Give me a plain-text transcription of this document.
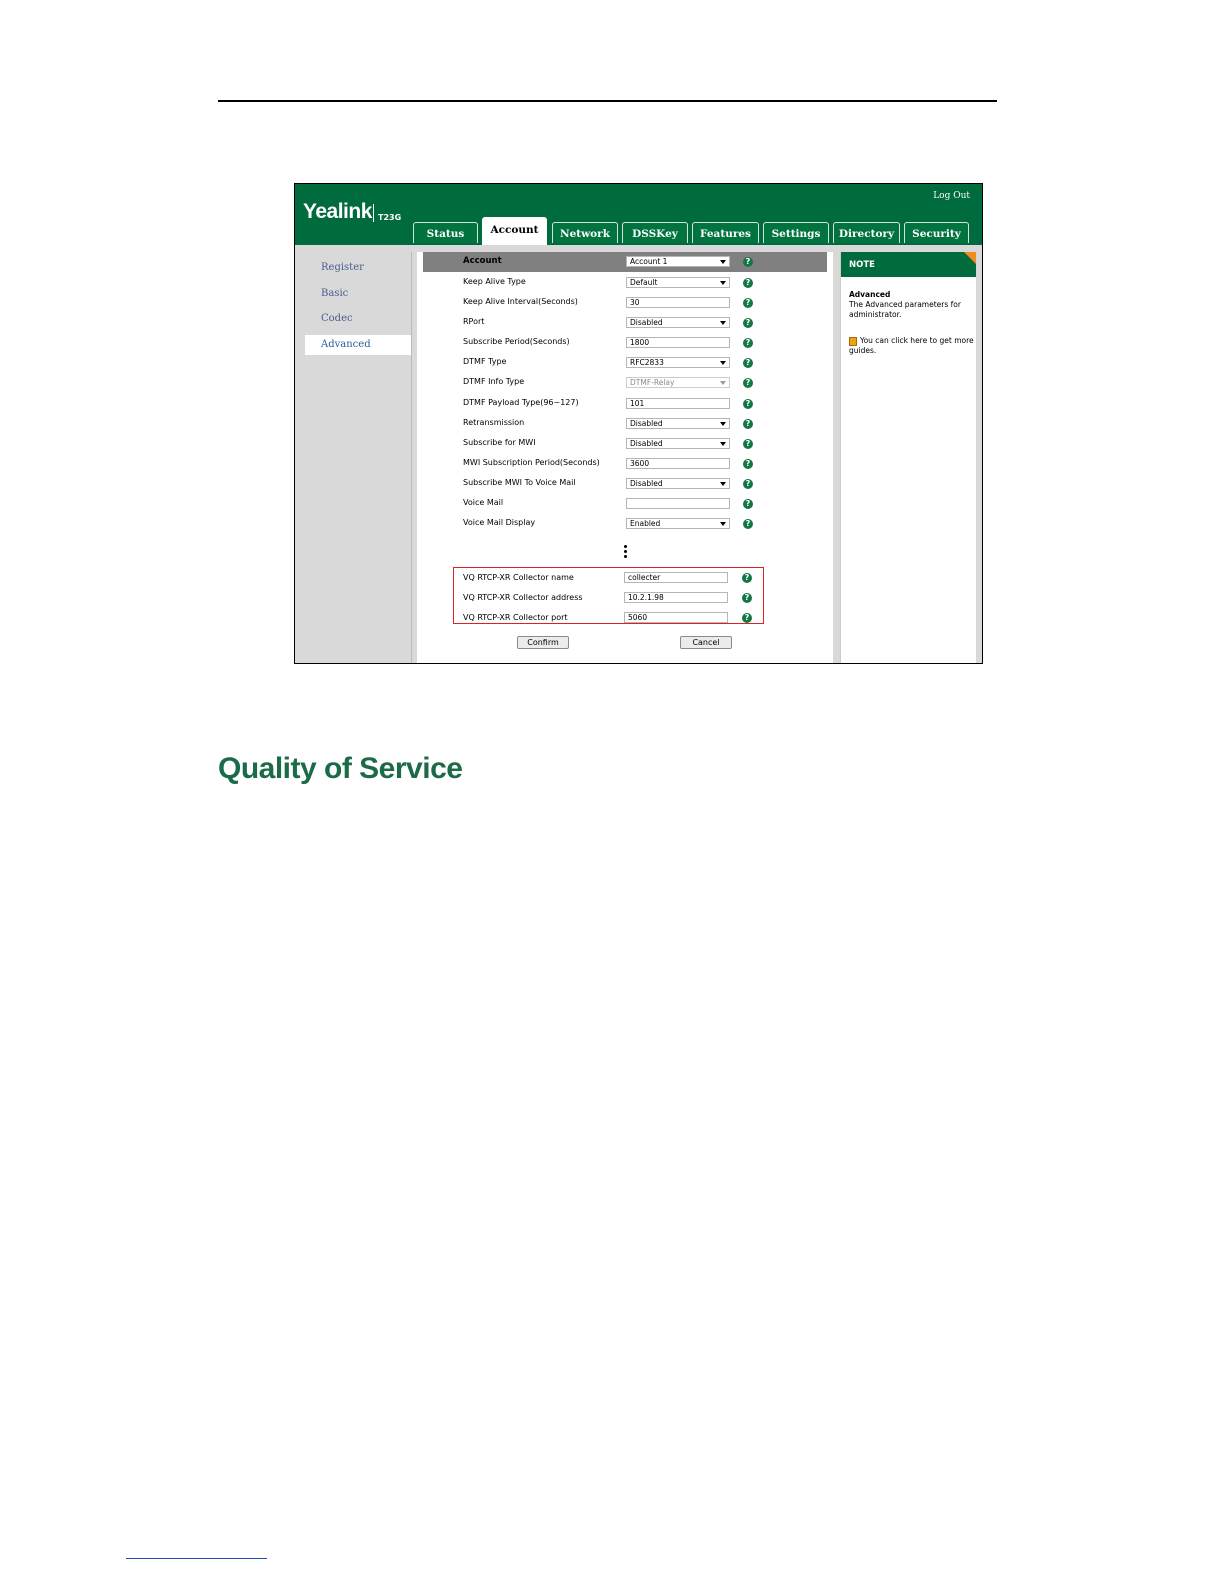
Yealink T23G
Log Out
Status	Account	Network	DSSKey	Features	Settings	Directory	Security
Register
Basic
Codec
Advanced
Account	Account 1	?
Keep Alive Type	Default	?
Keep Alive Interval(Seconds)	30	?
RPort	Disabled	?
Subscribe Period(Seconds)	1800	?
DTMF Type	RFC2833	?
DTMF Info Type	DTMF-Relay	?
DTMF Payload Type(96~127)	101	?
Retransmission	Disabled	?
Subscribe for MWI	Disabled	?
MWI Subscription Period(Seconds)	3600	?
Subscribe MWI To Voice Mail	Disabled	?
Voice Mail	?
Voice Mail Display	Enabled	?
VQ RTCP-XR Collector name	collecter	?
VQ RTCP-XR Collector address	10.2.1.98	?
VQ RTCP-XR Collector port	5060	?
Confirm	Cancel
NOTE
Advanced
The Advanced parameters for administrator.
You can click here to get more guides.
Quality of Service
